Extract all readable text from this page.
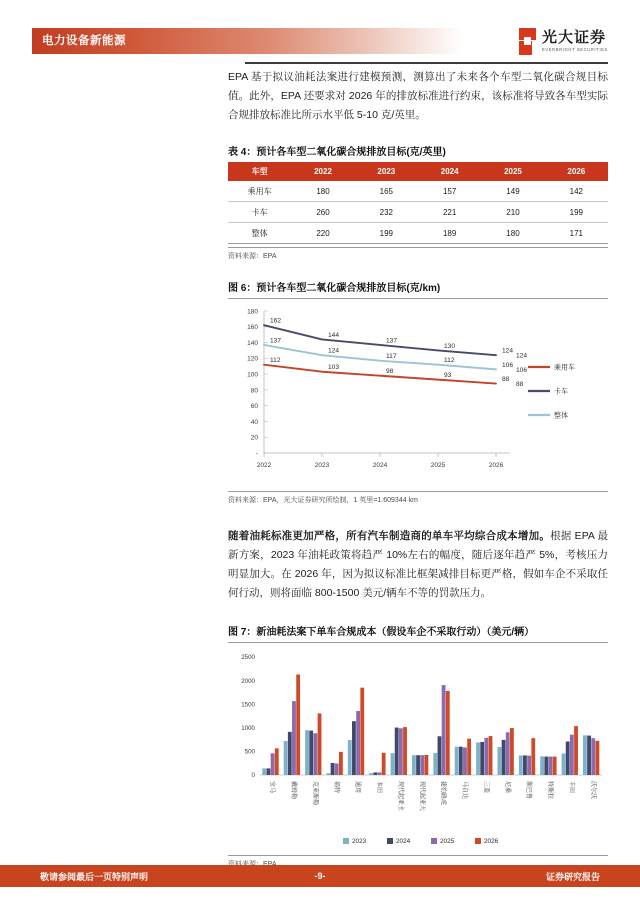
电力设备新能源	光大证券
EVERBRIGHT SECURITIES

EPA 基于拟议油耗法案进行建模预测，测算出了未来各个车型二氧化碳合规目标值。此外，EPA 还要求对 2026 年的排放标准进行约束，该标准将导致各车型实际合规排放标准比所示水平低 5-10 克/英里。

表 4：预计各车型二氧化碳合规排放目标(克/英里)
车型	2022	2023	2024	2025	2026
乘用车	180	165	157	149	142
卡车	260	232	221	210	199
整体	220	199	189	180	171
资料来源：EPA
图 6：预计各车型二氧化碳合规排放目标(克/km)
-
20
40
60
80
100
120
140
160
180
2022	2023	2024	2025	2026
112
103
98
93
88
88
162
144
137
130
124
124
137
124
117
112
106
106	乘用车
卡车
整体
资料来源：EPA，光大证券研究所绘制，1 英里=1.609344 km

随着油耗标准更加严格，所有汽车制造商的单车平均综合成本增加。根据 EPA 最新方案，2023 年油耗政策将趋严 10%左右的幅度，随后逐年趋严 5%，考核压力明显加大。在 2026 年，因为拟议标准比框架减排目标更严格，假如车企不采取任何行动，则将面临 800-1500 美元/辆车不等的罚款压力。

图 7：新油耗法案下单车合规成本（假设车企不采取行动）（美元/辆）
0
500
1000
1500
2000
2500
宝马	戴姆勒	克莱斯勒	福特	通用	本田	现代起亚主	现代起亚大	捷豹路虎	马自达	三菱	尼桑	斯巴鲁	特斯拉	丰田	沃尔沃
2023	2024	2025	2026
敬请参阅最后一页特别声明	-9-	证券研究报告
